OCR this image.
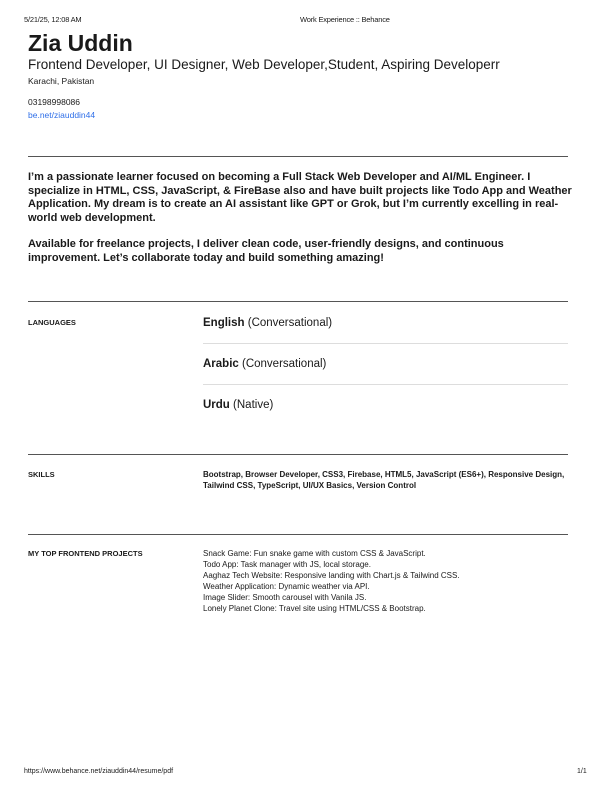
5/21/25, 12:08 AM	Work Experience :: Behance
Zia Uddin
Frontend Developer, UI Designer, Web Developer,Student, Aspiring Developerr
Karachi, Pakistan
03198998086
be.net/ziauddin44
I’m a passionate learner focused on becoming a Full Stack Web Developer and AI/ML Engineer. I specialize in HTML, CSS, JavaScript, & FireBase also and have built projects like Todo App and Weather Application. My dream is to create an AI assistant like GPT or Grok, but I’m currently excelling in real-world web development.
Available for freelance projects, I deliver clean code, user-friendly designs, and continuous improvement. Let’s collaborate today and build something amazing!
LANGUAGES	English (Conversational)
Arabic (Conversational)
Urdu (Native)
SKILLS	Bootstrap, Browser Developer, CSS3, Firebase, HTML5, JavaScript (ES6+), Responsive Design, Tailwind CSS, TypeScript, UI/UX Basics, Version Control
MY TOP FRONTEND PROJECTS	Snack Game: Fun snake game with custom CSS & JavaScript.
Todo App: Task manager with JS, local storage.
Aaghaz Tech Website: Responsive landing with Chart.js & Tailwind CSS.
Weather Application: Dynamic weather via API.
Image Slider: Smooth carousel with Vanila JS.
Lonely Planet Clone: Travel site using HTML/CSS & Bootstrap.
https://www.behance.net/ziauddin44/resume/pdf	1/1
